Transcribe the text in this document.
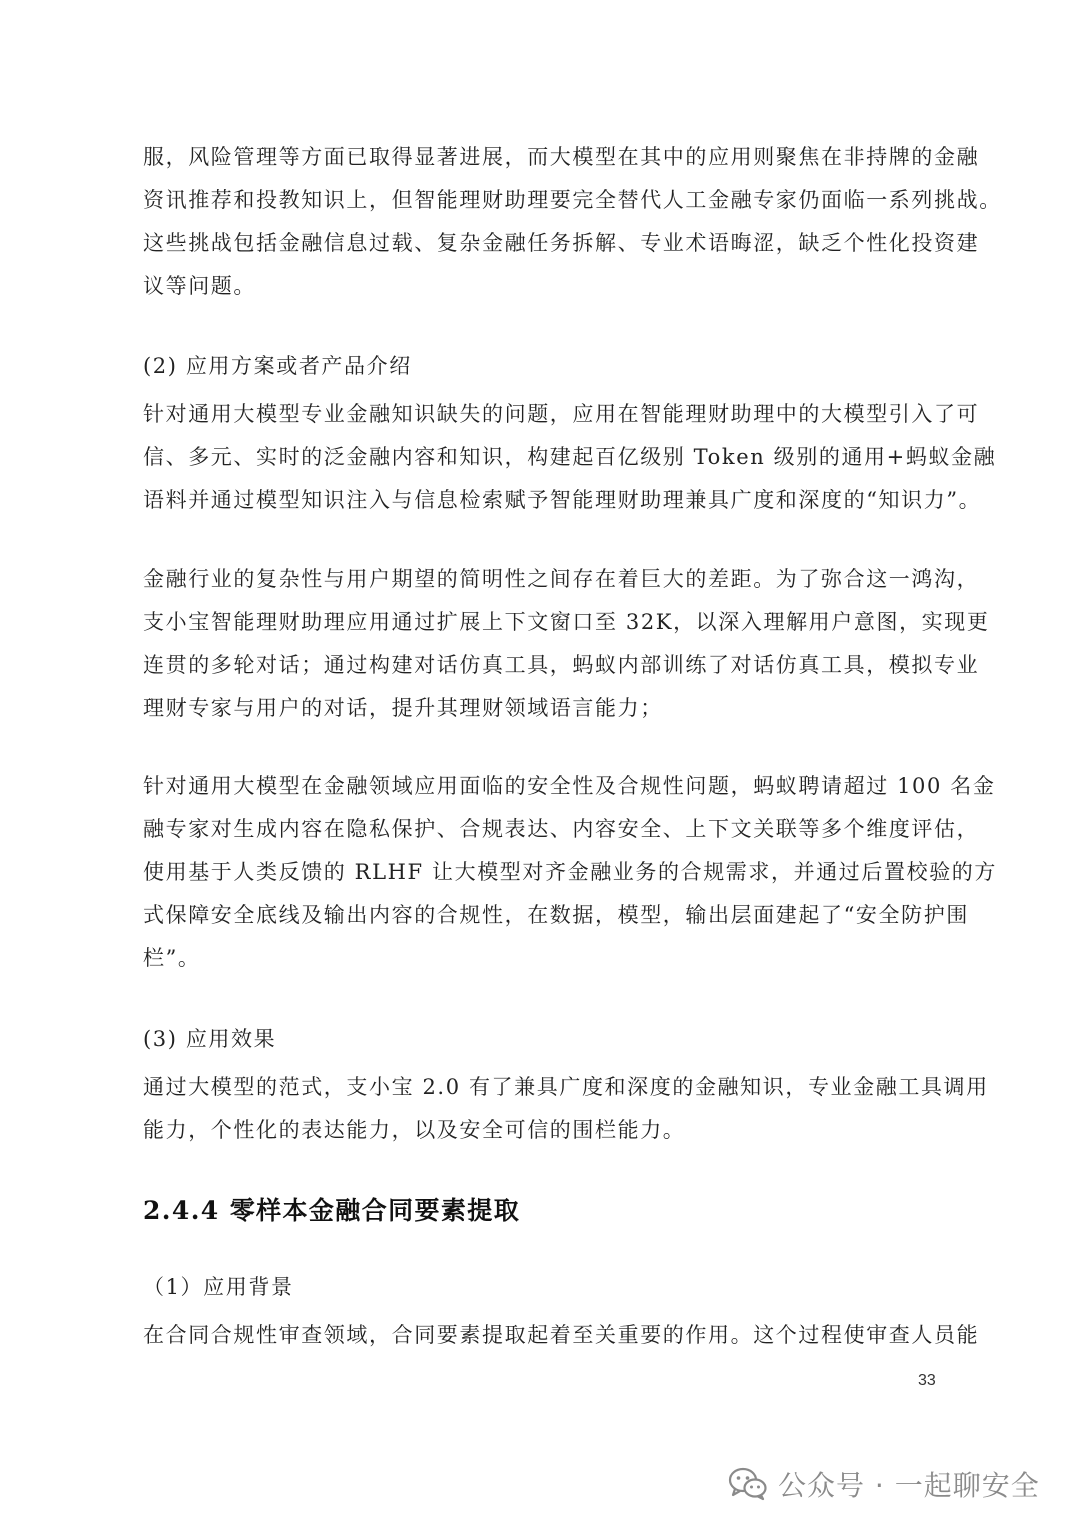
服，风险管理等方面已取得显著进展，而大模型在其中的应用则聚焦在非持牌的金融
资讯推荐和投教知识上，但智能理财助理要完全替代人工金融专家仍面临一系列挑战。
这些挑战包括金融信息过载、复杂金融任务拆解、专业术语晦涩，缺乏个性化投资建
议等问题。
(2) 应用方案或者产品介绍
针对通用大模型专业金融知识缺失的问题，应用在智能理财助理中的大模型引入了可
信、多元、实时的泛金融内容和知识，构建起百亿级别 Token 级别的通用+蚂蚁金融
语料并通过模型知识注入与信息检索赋予智能理财助理兼具广度和深度的“知识力”。
金融行业的复杂性与用户期望的简明性之间存在着巨大的差距。为了弥合这一鸿沟，
支小宝智能理财助理应用通过扩展上下文窗口至 32K，以深入理解用户意图，实现更
连贯的多轮对话；通过构建对话仿真工具，蚂蚁内部训练了对话仿真工具，模拟专业
理财专家与用户的对话，提升其理财领域语言能力；
针对通用大模型在金融领域应用面临的安全性及合规性问题，蚂蚁聘请超过 100 名金
融专家对生成内容在隐私保护、合规表达、内容安全、上下文关联等多个维度评估，
使用基于人类反馈的 RLHF 让大模型对齐金融业务的合规需求，并通过后置校验的方
式保障安全底线及输出内容的合规性，在数据，模型，输出层面建起了“安全防护围
栏”。
(3) 应用效果
通过大模型的范式，支小宝 2.0 有了兼具广度和深度的金融知识，专业金融工具调用
能力，个性化的表达能力，以及安全可信的围栏能力。
2.4.4 零样本金融合同要素提取
（1）应用背景
在合同合规性审查领域，合同要素提取起着至关重要的作用。这个过程使审查人员能
33
公众号 · 一起聊安全
